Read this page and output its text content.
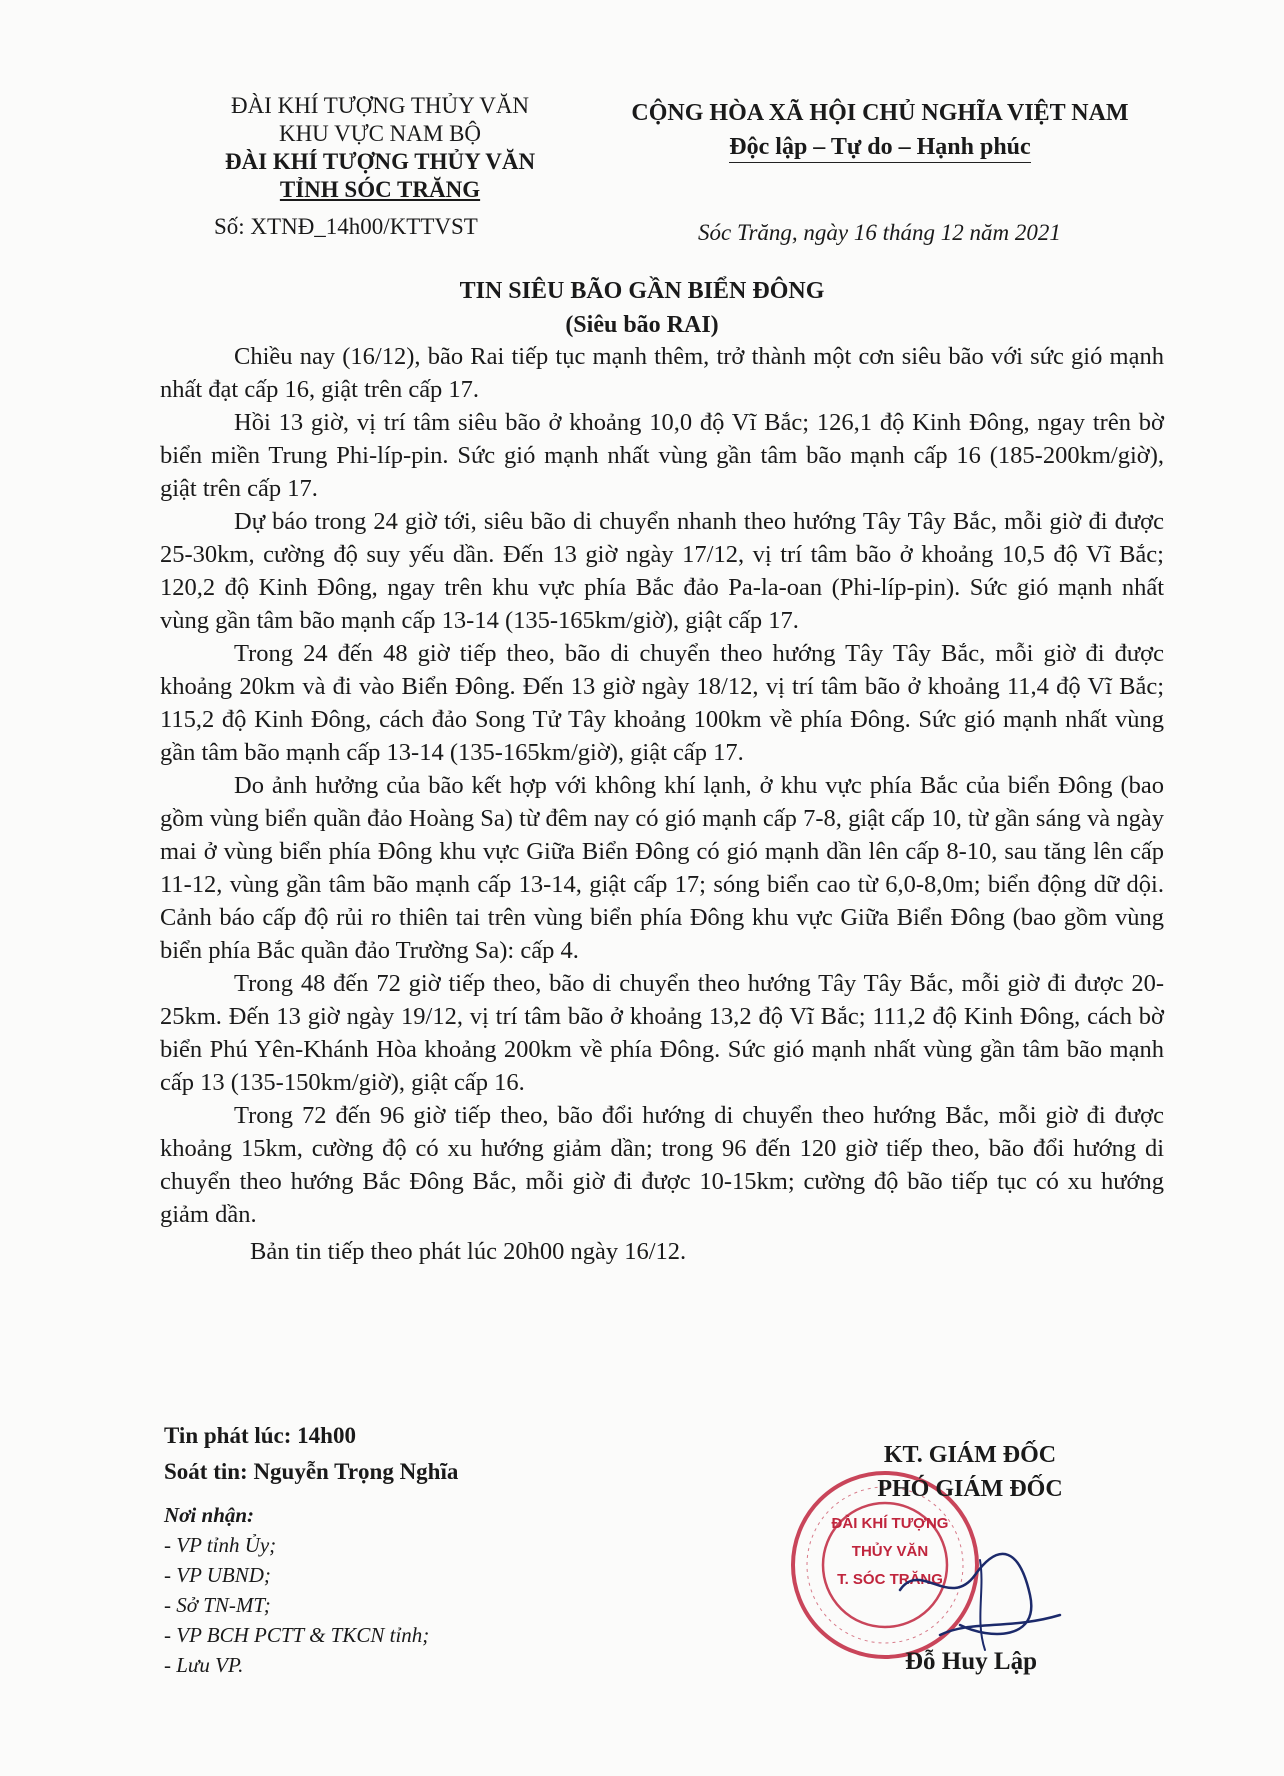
ĐÀI KHÍ TƯỢNG THỦY VĂN
KHU VỰC NAM BỘ
ĐÀI KHÍ TƯỢNG THỦY VĂN
TỈNH SÓC TRĂNG
Số: XTNĐ_14h00/KTTVST
CỘNG HÒA XÃ HỘI CHỦ NGHĨA VIỆT NAM
Độc lập – Tự do – Hạnh phúc
Sóc Trăng, ngày 16 tháng 12 năm 2021
TIN SIÊU BÃO GẦN BIỂN ĐÔNG
(Siêu bão RAI)

Chiều nay (16/12), bão Rai tiếp tục mạnh thêm, trở thành một cơn siêu bão với sức gió mạnh nhất đạt cấp 16, giật trên cấp 17.

Hồi 13 giờ, vị trí tâm siêu bão ở khoảng 10,0 độ Vĩ Bắc; 126,1 độ Kinh Đông, ngay trên bờ biển miền Trung Phi-líp-pin. Sức gió mạnh nhất vùng gần tâm bão mạnh cấp 16 (185-200km/giờ), giật trên cấp 17.

Dự báo trong 24 giờ tới, siêu bão di chuyển nhanh theo hướng Tây Tây Bắc, mỗi giờ đi được 25-30km, cường độ suy yếu dần. Đến 13 giờ ngày 17/12, vị trí tâm bão ở khoảng 10,5 độ Vĩ Bắc; 120,2 độ Kinh Đông, ngay trên khu vực phía Bắc đảo Pa-la-oan (Phi-líp-pin). Sức gió mạnh nhất vùng gần tâm bão mạnh cấp 13-14 (135-165km/giờ), giật cấp 17.

Trong 24 đến 48 giờ tiếp theo, bão di chuyển theo hướng Tây Tây Bắc, mỗi giờ đi được khoảng 20km và đi vào Biển Đông. Đến 13 giờ ngày 18/12, vị trí tâm bão ở khoảng 11,4 độ Vĩ Bắc; 115,2 độ Kinh Đông, cách đảo Song Tử Tây khoảng 100km về phía Đông. Sức gió mạnh nhất vùng gần tâm bão mạnh cấp 13-14 (135-165km/giờ), giật cấp 17.

Do ảnh hưởng của bão kết hợp với không khí lạnh, ở khu vực phía Bắc của biển Đông (bao gồm vùng biển quần đảo Hoàng Sa) từ đêm nay có gió mạnh cấp 7-8, giật cấp 10, từ gần sáng và ngày mai ở vùng biển phía Đông khu vực Giữa Biển Đông có gió mạnh dần lên cấp 8-10, sau tăng lên cấp 11-12, vùng gần tâm bão mạnh cấp 13-14, giật cấp 17; sóng biển cao từ 6,0-8,0m; biển động dữ dội. Cảnh báo cấp độ rủi ro thiên tai trên vùng biển phía Đông khu vực Giữa Biển Đông (bao gồm vùng biển phía Bắc quần đảo Trường Sa): cấp 4.

Trong 48 đến 72 giờ tiếp theo, bão di chuyển theo hướng Tây Tây Bắc, mỗi giờ đi được 20-25km. Đến 13 giờ ngày 19/12, vị trí tâm bão ở khoảng 13,2 độ Vĩ Bắc; 111,2 độ Kinh Đông, cách bờ biển Phú Yên-Khánh Hòa khoảng 200km về phía Đông. Sức gió mạnh nhất vùng gần tâm bão mạnh cấp 13 (135-150km/giờ), giật cấp 16.

Trong 72 đến 96 giờ tiếp theo, bão đổi hướng di chuyển theo hướng Bắc, mỗi giờ đi được khoảng 15km, cường độ có xu hướng giảm dần; trong 96 đến 120 giờ tiếp theo, bão đổi hướng di chuyển theo hướng Bắc Đông Bắc, mỗi giờ đi được 10-15km; cường độ bão tiếp tục có xu hướng giảm dần.

Bản tin tiếp theo phát lúc 20h00 ngày 16/12.

Tin phát lúc: 14h00
Soát tin: Nguyễn Trọng Nghĩa
Nơi nhận:
- VP tỉnh Ủy;
- VP UBND;
- Sở TN-MT;
- VP BCH PCTT & TKCN tỉnh;
- Lưu VP.
ĐÀI KHÍ TƯỢNG
THỦY VĂN
T. SÓC TRĂNG
KT. GIÁM ĐỐC
PHÓ GIÁM ĐỐC
Đỗ Huy Lập
